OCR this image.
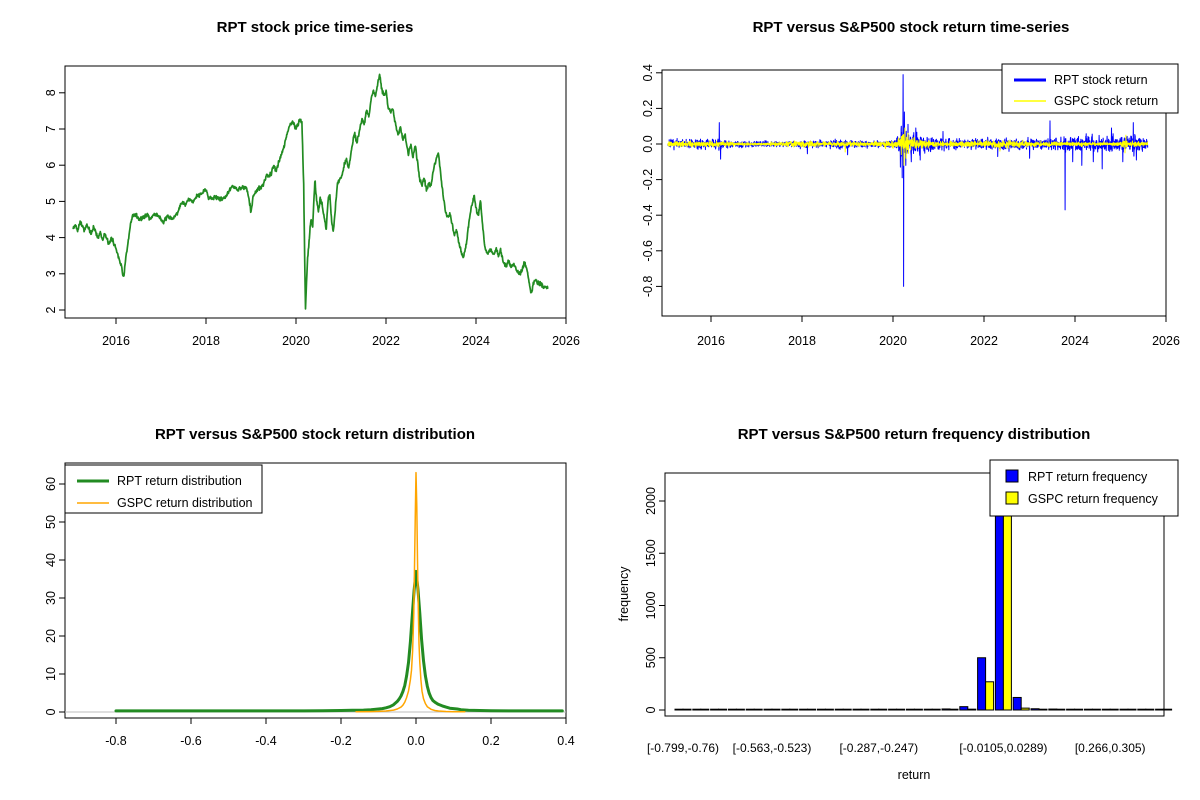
RPT stock price time-series
2016	2018	2020	2022	2024	2026
2
3
4
5
6
7
8
RPT versus S&P500 stock return time-series
2016	2018	2020	2022	2024	2026
0.4
0.2
0.0
-0.2
-0.4
-0.6
-0.8
RPT stock return
GSPC stock return
RPT versus S&P500 stock return distribution
-0.8	-0.6	-0.4	-0.2	0.0	0.2	0.4
0
10
20
30
40
50
60	RPT return distribution
GSPC return distribution
RPT versus S&P500 return frequency distribution
0
500
1000
1500
2000
[-0.799,-0.76) [-0.563,-0.523) [-0.287,-0.247)	[-0.0105,0.0289) [0.266,0.305)
return
frequency
RPT return frequency
GSPC return frequency
